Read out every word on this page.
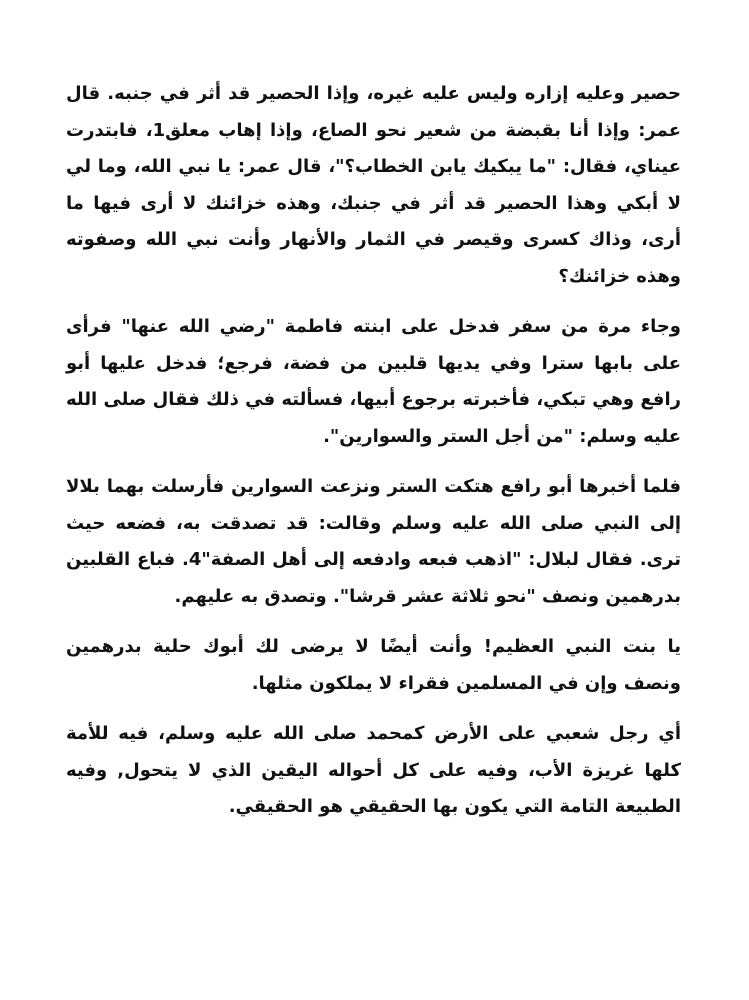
حصير وعليه إزاره وليس عليه غيره، وإذا الحصير قد أثر في جنبه. قال عمر: وإذا أنا بقبضة من شعير نحو الصاع، وإذا إهاب معلق1، فابتدرت عيناي، فقال: "ما يبكيك يابن الخطاب؟"، قال عمر: يا نبي الله، وما لي لا أبكي وهذا الحصير قد أثر في جنبك، وهذه خزائنك لا أرى فيها ما أرى، وذاك كسرى وقيصر في الثمار والأنهار وأنت نبي الله وصفوته وهذه خزائنك؟

وجاء مرة من سفر فدخل على ابنته فاطمة "رضي الله عنها" فرأى على بابها سترا وفي يديها قلبين من فضة، فرجع؛ فدخل عليها أبو رافع وهي تبكي، فأخبرته برجوع أبيها، فسألته في ذلك فقال صلى الله عليه وسلم: "من أجل الستر والسوارين".

فلما أخبرها أبو رافع هتكت الستر ونزعت السوارين فأرسلت بهما بلالا إلى النبي صلى الله عليه وسلم وقالت: قد تصدقت به، فضعه حيث ترى. فقال لبلال: "اذهب فبعه وادفعه إلى أهل الصفة"4. فباع القلبين بدرهمين ونصف "نحو ثلاثة عشر قرشا". وتصدق به عليهم.

يا بنت النبي العظيم! وأنت أيضًا لا يرضى لك أبوك حلية بدرهمين ونصف وإن في المسلمين فقراء لا يملكون مثلها.

أي رجل شعبي على الأرض كمحمد صلى الله عليه وسلم، فيه للأمة كلها غريزة الأب، وفيه على كل أحواله اليقين الذي لا يتحول, وفيه الطبيعة التامة التي يكون بها الحقيقي هو الحقيقي.
